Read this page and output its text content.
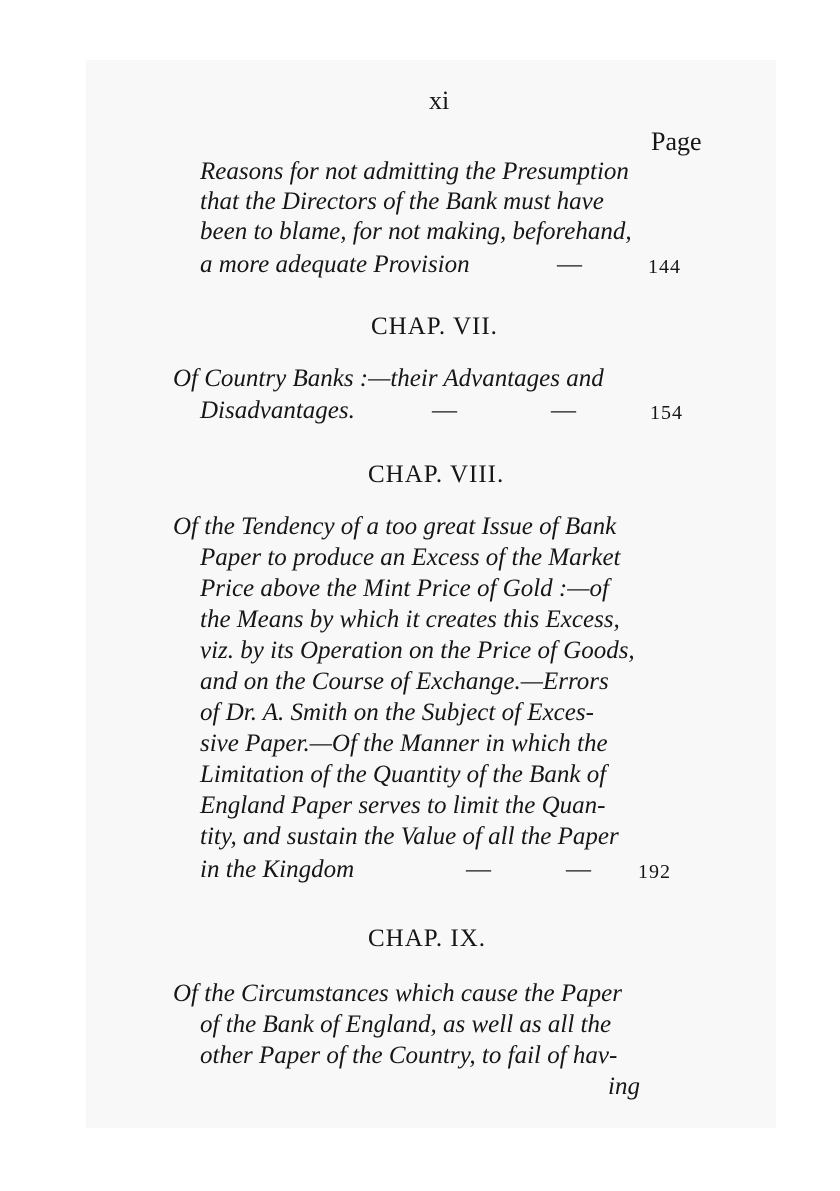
xi
Page
Reasons for not admitting the Presumption
that the Directors of the Bank must have
been to blame, for not making, beforehand,
a more adequate Provision	—	144
CHAP. VII.
Of Country Banks :—their Advantages and
Disadvantages.	—	—	154
CHAP. VIII.
Of the Tendency of a too great Issue of Bank
Paper to produce an Excess of the Market
Price above the Mint Price of Gold :—of
the Means by which it creates this Excess,
viz. by its Operation on the Price of Goods,
and on the Course of Exchange.—Errors
of Dr. A. Smith on the Subject of Exces-
sive Paper.—Of the Manner in which the
Limitation of the Quantity of the Bank of
England Paper serves to limit the Quan-
tity, and sustain the Value of all the Paper
in the Kingdom	—	— 192
CHAP. IX.
Of the Circumstances which cause the Paper
of the Bank of England, as well as all the
other Paper of the Country, to fail of hav-
ing
